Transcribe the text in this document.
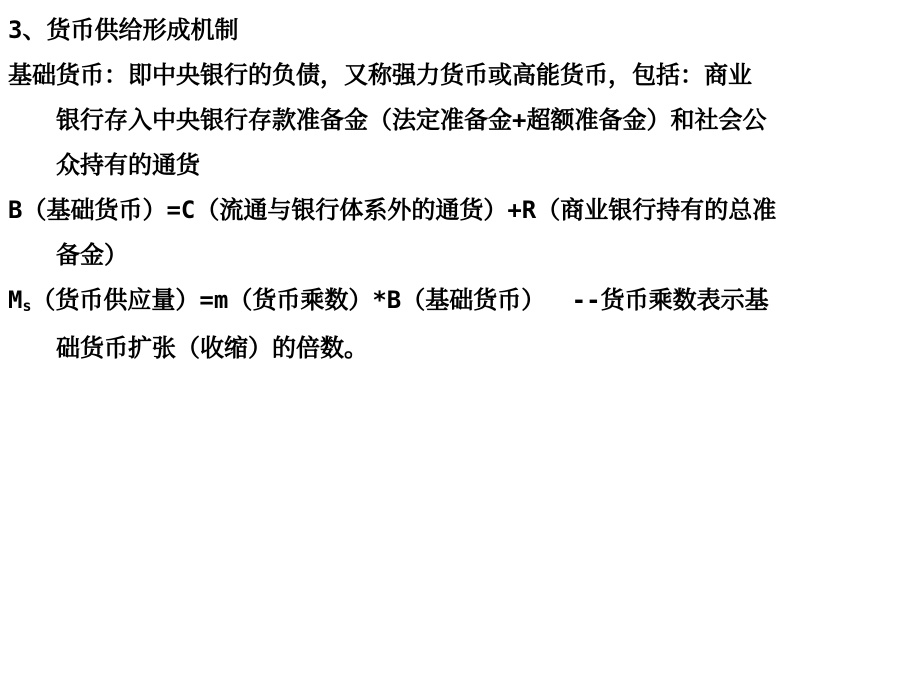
3、货币供给形成机制
基础货币：即中央银行的负债，又称强力货币或高能货币，包括：商业
银行存入中央银行存款准备金（法定准备金+超额准备金）和社会公
众持有的通货
B（基础货币）=C（流通与银行体系外的通货）+R（商业银行持有的总准
备金）
$M_s$（货币供应量）=m（货币乘数）*B（基础货币）　 --货币乘数表示基
础货币扩张（收缩）的倍数。
